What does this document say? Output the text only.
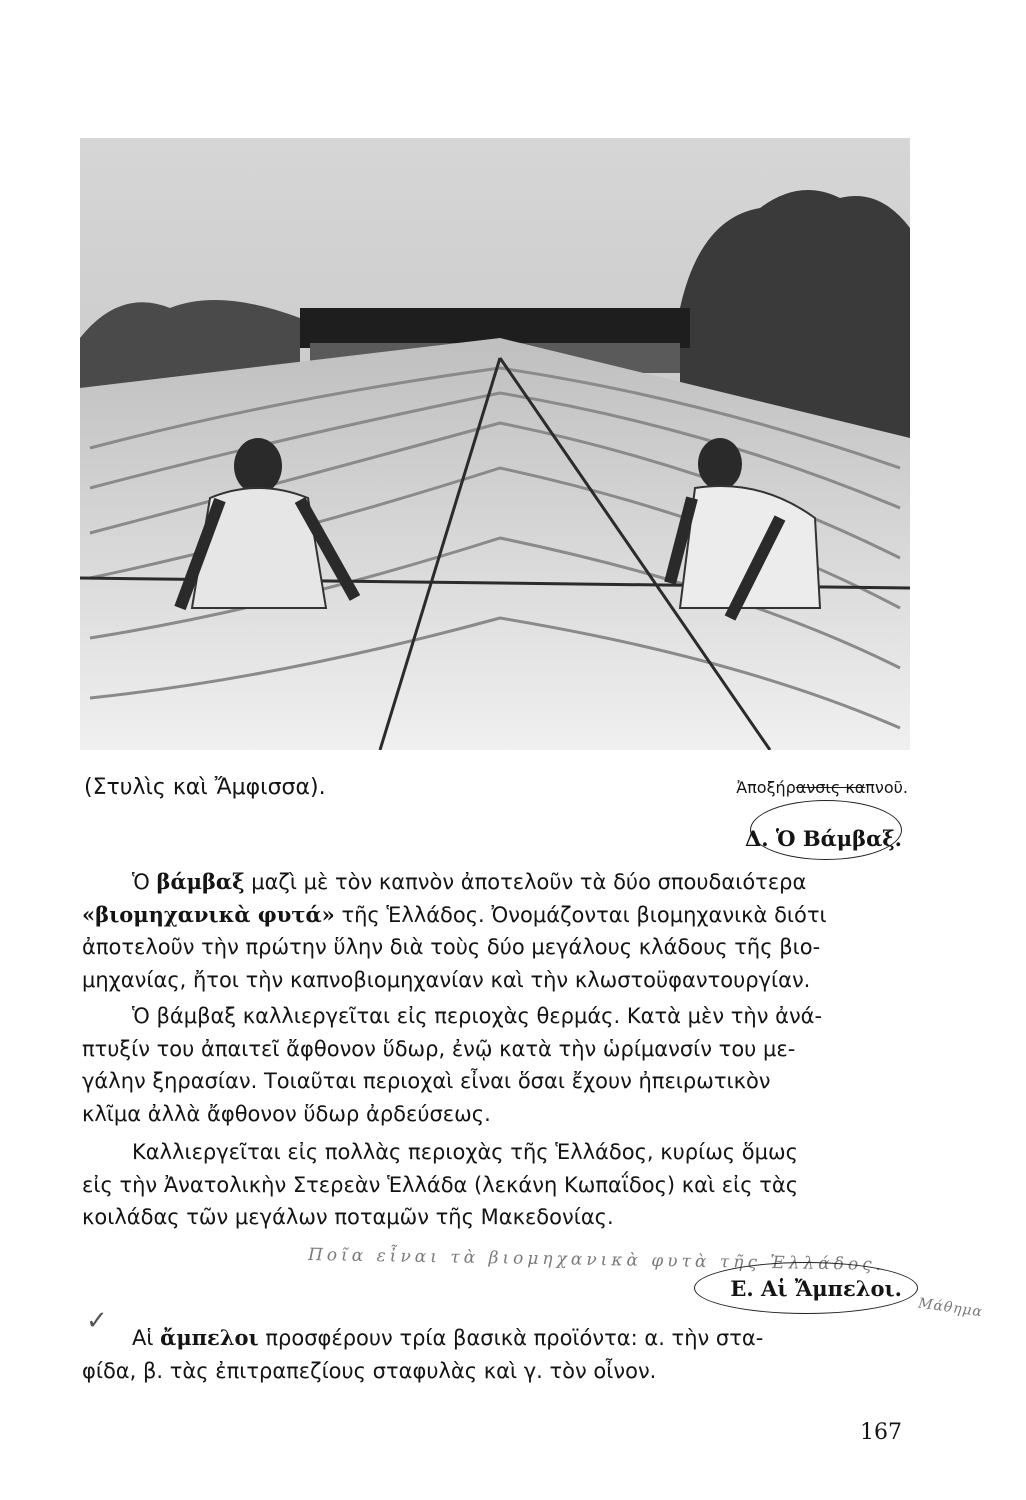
(Στυλὶς καὶ Ἄμφισσα).	Ἀποξήρανσις καπνοῦ.
Δ. Ὁ Βάμβαξ.
Ὁ βάμβαξ μαζὶ μὲ τὸν καπνὸν ἀποτελοῦν τὰ δύο σπουδαιότερα
«βιομηχανικὰ φυτά» τῆς Ἑλλάδος. Ὀνομάζονται βιομηχανικὰ διότι
ἀποτελοῦν τὴν πρώτην ὕλην διὰ τοὺς δύο μεγάλους κλάδους τῆς βιο-
μηχανίας, ἤτοι τὴν καπνοβιομηχανίαν καὶ τὴν κλωστοϋφαντουργίαν.
Ὁ βάμβαξ καλλιεργεῖται εἰς περιοχὰς θερμάς. Κατὰ μὲν τὴν ἀνά-
πτυξίν του ἀπαιτεῖ ἄφθονον ὕδωρ, ἐνῷ κατὰ τὴν ὡρίμανσίν του με-
γάλην ξηρασίαν. Τοιαῦται περιοχαὶ εἶναι ὅσαι ἔχουν ἠπειρωτικὸν
κλῖμα ἀλλὰ ἄφθονον ὕδωρ ἀρδεύσεως.
Καλλιεργεῖται εἰς πολλὰς περιοχὰς τῆς Ἑλλάδος, κυρίως ὅμως
εἰς τὴν Ἀνατολικὴν Στερεὰν Ἑλλάδα (λεκάνη Κωπαΐδος) καὶ εἰς τὰς
κοιλάδας τῶν μεγάλων ποταμῶν τῆς Μακεδονίας.
Ποῖα εἶναι τὰ βιομηχανικὰ φυτὰ τῆς Ἑλλάδος.
Μάθημα
✓
Ε. Αἱ Ἄμπελοι.
Αἱ ἄμπελοι προσφέρουν τρία βασικὰ προϊόντα: α. τὴν στα-
φίδα, β. τὰς ἐπιτραπεζίους σταφυλὰς καὶ γ. τὸν οἶνον.
167
